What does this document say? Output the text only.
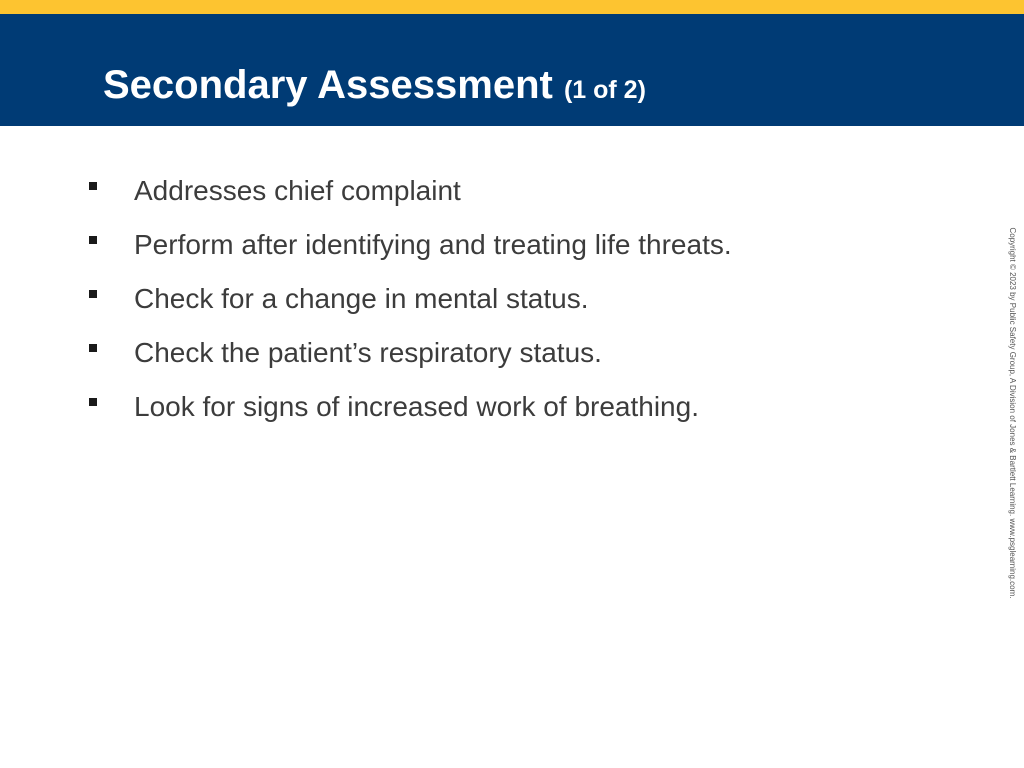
Secondary Assessment (1 of 2)
Addresses chief complaint
Perform after identifying and treating life threats.
Check for a change in mental status.
Check the patient’s respiratory status.
Look for signs of increased work of breathing.	Copyright © 2023 by Public Safety Group, A Division of Jones & Bartlett Learning. www.psglearning.com.
